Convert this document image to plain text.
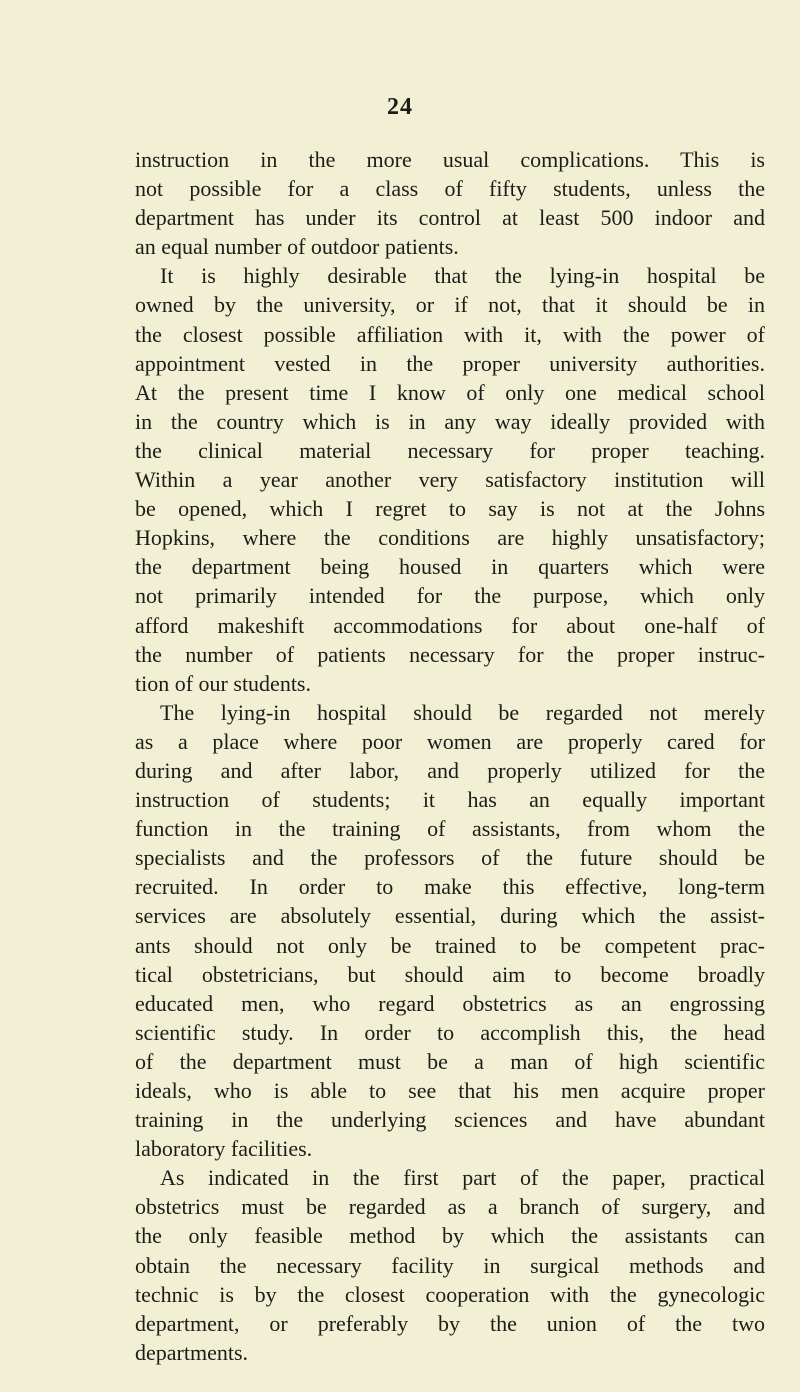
24
instruction in the more usual complications. This is
not possible for a class of fifty students, unless the
department has under its control at least 500 indoor and
an equal number of outdoor patients.
It is highly desirable that the lying-in hospital be
owned by the university, or if not, that it should be in
the closest possible affiliation with it, with the power of
appointment vested in the proper university authorities.
At the present time I know of only one medical school
in the country which is in any way ideally provided with
the clinical material necessary for proper teaching.
Within a year another very satisfactory institution will
be opened, which I regret to say is not at the Johns
Hopkins, where the conditions are highly unsatisfactory;
the department being housed in quarters which were
not primarily intended for the purpose, which only
afford makeshift accommodations for about one-half of
the number of patients necessary for the proper instruc-
tion of our students.
The lying-in hospital should be regarded not merely
as a place where poor women are properly cared for
during and after labor, and properly utilized for the
instruction of students; it has an equally important
function in the training of assistants, from whom the
specialists and the professors of the future should be
recruited. In order to make this effective, long-term
services are absolutely essential, during which the assist-
ants should not only be trained to be competent prac-
tical obstetricians, but should aim to become broadly
educated men, who regard obstetrics as an engrossing
scientific study. In order to accomplish this, the head
of the department must be a man of high scientific
ideals, who is able to see that his men acquire proper
training in the underlying sciences and have abundant
laboratory facilities.
As indicated in the first part of the paper, practical
obstetrics must be regarded as a branch of surgery, and
the only feasible method by which the assistants can
obtain the necessary facility in surgical methods and
technic is by the closest cooperation with the gynecologic
department, or preferably by the union of the two
departments.
